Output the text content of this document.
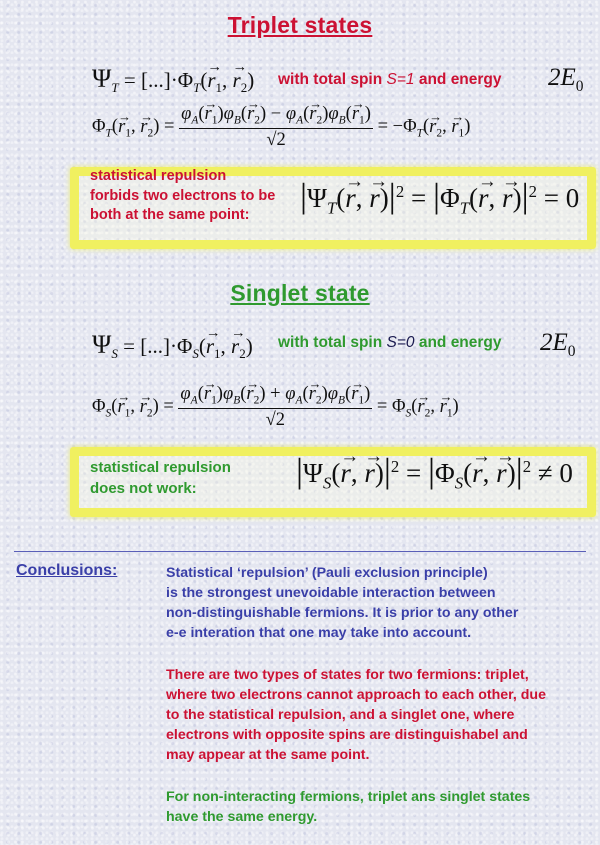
Triplet states
$\Psi_T = [...]\cdot\Phi_T(\to r_1$, → $r_2$) with total spin S=1 and energy $2E_0$
$\Phi_T(\to r_1$, → $r_2) = \frac{\varphi_A(\to r_1)\varphi_B(\to r_2) - \varphi_A(\to r_2)\varphi_B(\to r_1)}{√2} = -\Phi_T(\to r_2$, → $r_1$)
statistical repulsion
forbids two electrons to be
both at the same point:	$|\Psi_T(\to r$, → $r)|^2 = |\Phi_T(\to r$, → $r)|^2 = 0$
Singlet state
$\Psi_S = [...]\cdot\Phi_S(\to r_1$, → $r_2$) with total spin S=0 and energy $2E_0$
$\Phi_S(\to r_1$, → $r_2) = \frac{\varphi_A(\to r_1)\varphi_B(\to r_2) + \varphi_A(\to r_2)\varphi_B(\to r_1)}{√2} = \Phi_S(\to r_2$, → $r_1$)
statistical repulsion
does not work:	$|\Psi_S(\to r$, → $r)|^2 = |\Phi_S(\to r$, → $r)|^2 \ne 0$
Conclusions:	Statistical ‘repulsion’ (Pauli exclusion principle)
is the strongest unevoidable interaction between
non-distinguishable fermions. It is prior to any other
e-e interation that one may take into account.
There are two types of states for two fermions: triplet,
where two electrons cannot approach to each other, due
to the statistical repulsion, and a singlet one, where
electrons with opposite spins are distinguishabel and
may appear at the same point.
For non-interacting fermions, triplet ans singlet states
have the same energy.
